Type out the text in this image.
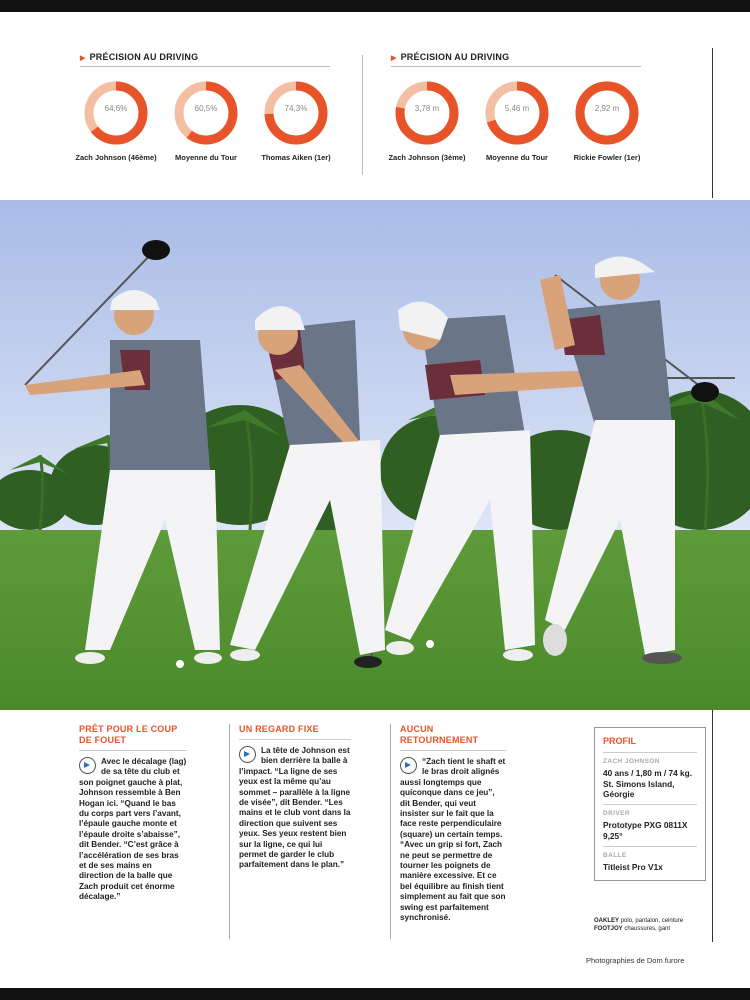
▶ PRÉCISION AU DRIVING
64,6%	60,5%	74,3%
Zach Johnson (46ème)	Moyenne du Tour	Thomas Aiken (1er)
▶ PRÉCISION AU DRIVING
3,78 m	5,46 m	2,92 m
Zach Johnson (3ème)	Moyenne du Tour	Rickie Fowler (1er)
PRÊT POUR LE COUP DE FOUET
Avec le décalage (lag) de sa tête du club et son poignet gauche à plat, Johnson ressemble à Ben Hogan ici. “Quand le bas du corps part vers l’avant, l’épaule gauche monte et l’épaule droite s’abaisse”, dit Bender. “C’est grâce à l’accélération de ses bras et de ses mains en direction de la balle que Zach produit cet énorme décalage.”
UN REGARD FIXE
La tête de Johnson est bien derrière la balle à l’impact. “La ligne de ses yeux est la même qu’au sommet – parallèle à la ligne de visée”, dit Bender. “Les mains et le club vont dans la direction que suivent ses yeux. Ses yeux restent bien sur la ligne, ce qui lui permet de garder le club parfaitement dans le plan.”
AUCUN RETOURNEMENT
“Zach tient le shaft et le bras droit alignés aussi longtemps que quiconque dans ce jeu”, dit Bender, qui veut insister sur le fait que la face reste perpendiculaire (square) un certain temps. “Avec un grip si fort, Zach ne peut se permettre de tourner les poignets de manière excessive. Et ce bel équilibre au finish tient simplement au fait que son swing est parfaitement synchronisé.
PROFIL
ZACH JOHNSON
40 ans / 1,80 m / 74 kg. St. Simons Island, Géorgie
DRIVER
Prototype PXG 0811X 9,25°
BALLE
Titleist Pro V1x
OAKLEY polo, pantalon, ceinture
FOOTJOY chaussures, gant
Photographies de Dom furore
